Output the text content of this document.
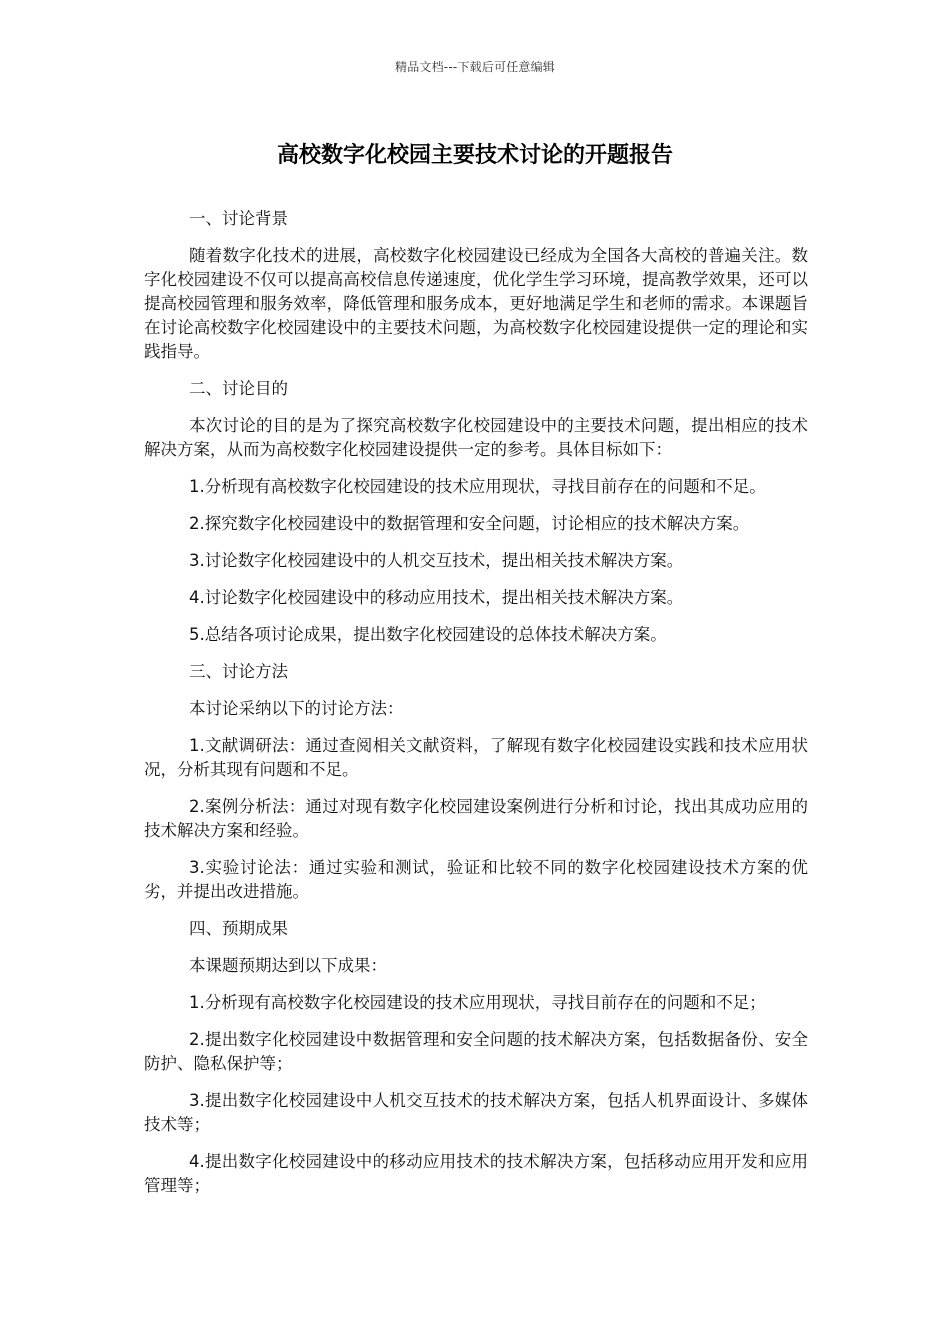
精品文档---下载后可任意编辑
高校数字化校园主要技术讨论的开题报告

一、讨论背景

随着数字化技术的进展，高校数字化校园建设已经成为全国各大高校的普遍关注。数字化校园建设不仅可以提高高校信息传递速度，优化学生学习环境，提高教学效果，还可以提高校园管理和服务效率，降低管理和服务成本，更好地满足学生和老师的需求。本课题旨在讨论高校数字化校园建设中的主要技术问题，为高校数字化校园建设提供一定的理论和实践指导。

二、讨论目的

本次讨论的目的是为了探究高校数字化校园建设中的主要技术问题，提出相应的技术解决方案，从而为高校数字化校园建设提供一定的参考。具体目标如下：

1.分析现有高校数字化校园建设的技术应用现状，寻找目前存在的问题和不足。

2.探究数字化校园建设中的数据管理和安全问题，讨论相应的技术解决方案。

3.讨论数字化校园建设中的人机交互技术，提出相关技术解决方案。

4.讨论数字化校园建设中的移动应用技术，提出相关技术解决方案。

5.总结各项讨论成果，提出数字化校园建设的总体技术解决方案。

三、讨论方法

本讨论采纳以下的讨论方法：

1.文献调研法：通过查阅相关文献资料，了解现有数字化校园建设实践和技术应用状况，分析其现有问题和不足。

2.案例分析法：通过对现有数字化校园建设案例进行分析和讨论，找出其成功应用的技术解决方案和经验。

3.实验讨论法：通过实验和测试，验证和比较不同的数字化校园建设技术方案的优劣，并提出改进措施。

四、预期成果

本课题预期达到以下成果：

1.分析现有高校数字化校园建设的技术应用现状，寻找目前存在的问题和不足；

2.提出数字化校园建设中数据管理和安全问题的技术解决方案，包括数据备份、安全防护、隐私保护等；

3.提出数字化校园建设中人机交互技术的技术解决方案，包括人机界面设计、多媒体技术等；

4.提出数字化校园建设中的移动应用技术的技术解决方案，包括移动应用开发和应用管理等；
